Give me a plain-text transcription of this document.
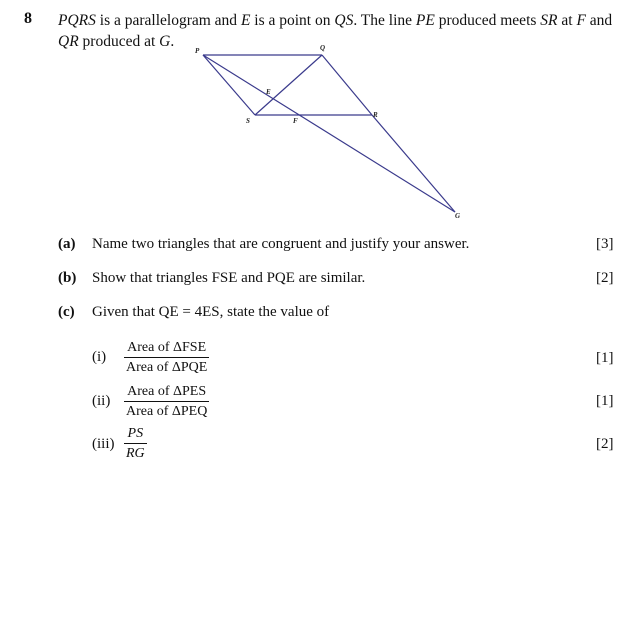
8 PQRS is a parallelogram and E is a point on QS. The line PE produced meets SR at F and QR produced at G.
P	Q
E
S	F
R
G
(a) Name two triangles that are congruent and justify your answer.	[3]
(b) Show that triangles FSE and PQE are similar.	[2]
(c) Given that QE = 4ES, state the value of
(i)
Area of ΔFSE
Area of ΔPQE
[1]
(ii)
Area of ΔPES
Area of ΔPEQ
[1]
(iii)
PS
RG
[2]
